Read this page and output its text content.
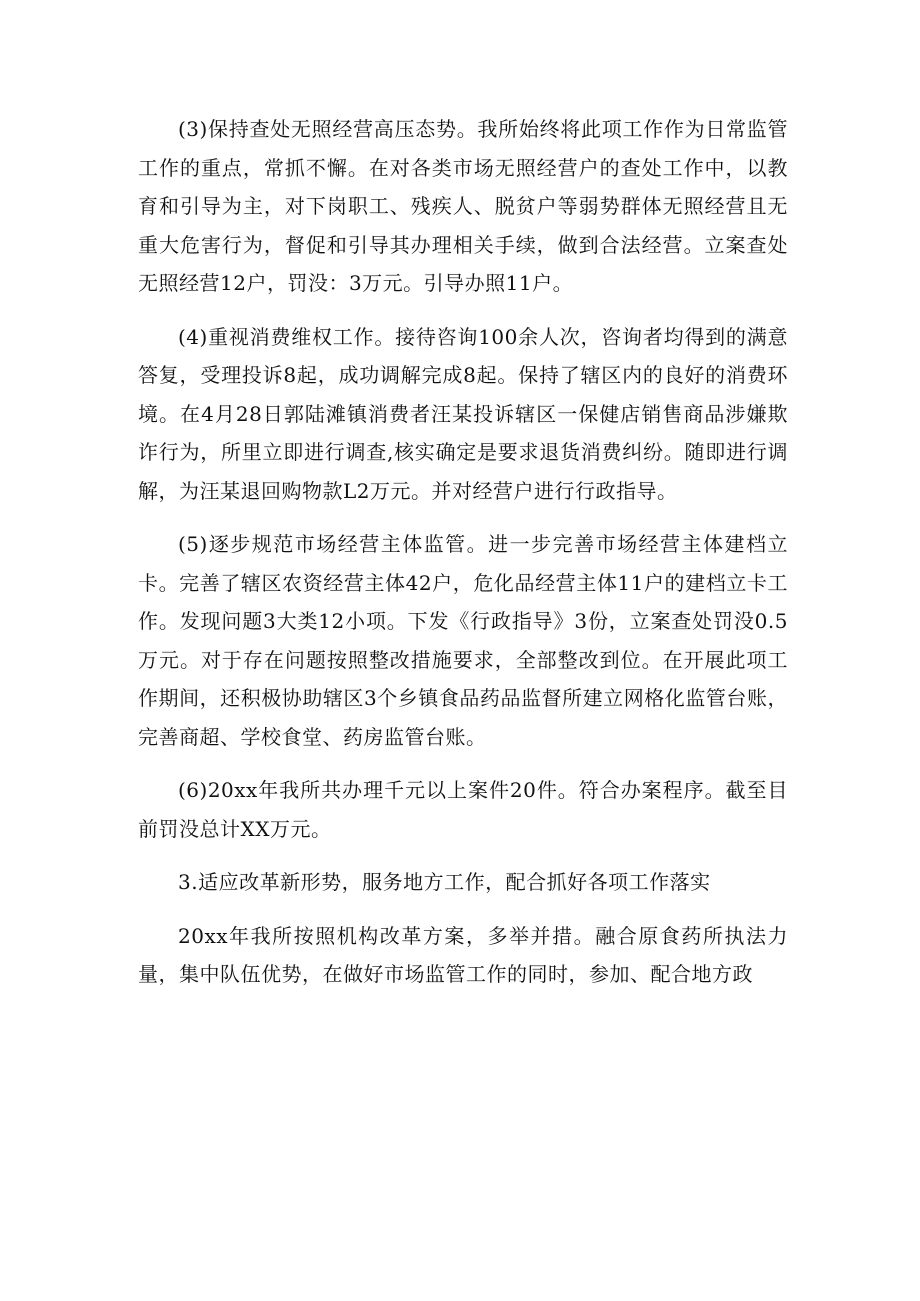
(3)保持查处无照经营高压态势。我所始终将此项工作作为日常监管工作的重点，常抓不懈。在对各类市场无照经营户的查处工作中，以教育和引导为主，对下岗职工、残疾人、脱贫户等弱势群体无照经营且无重大危害行为，督促和引导其办理相关手续，做到合法经营。立案查处无照经营12户，罚没：3万元。引导办照11户。

(4)重视消费维权工作。接待咨询100余人次，咨询者均得到的满意答复，受理投诉8起，成功调解完成8起。保持了辖区内的良好的消费环境。在4月28日郭陆滩镇消费者汪某投诉辖区一保健店销售商品涉嫌欺诈行为，所里立即进行调查,核实确定是要求退货消费纠纷。随即进行调解，为汪某退回购物款L2万元。并对经营户进行行政指导。

(5)逐步规范市场经营主体监管。进一步完善市场经营主体建档立卡。完善了辖区农资经营主体42户，危化品经营主体11户的建档立卡工作。发现问题3大类12小项。下发《行政指导》3份，立案查处罚没0.5万元。对于存在问题按照整改措施要求，全部整改到位。在开展此项工作期间，还积极协助辖区3个乡镇食品药品监督所建立网格化监管台账，完善商超、学校食堂、药房监管台账。

(6)20xx年我所共办理千元以上案件20件。符合办案程序。截至目前罚没总计XX万元。

3.适应改革新形势，服务地方工作，配合抓好各项工作落实

20xx年我所按照机构改革方案，多举并措。融合原食药所执法力量，集中队伍优势，在做好市场监管工作的同时，参加、配合地方政
